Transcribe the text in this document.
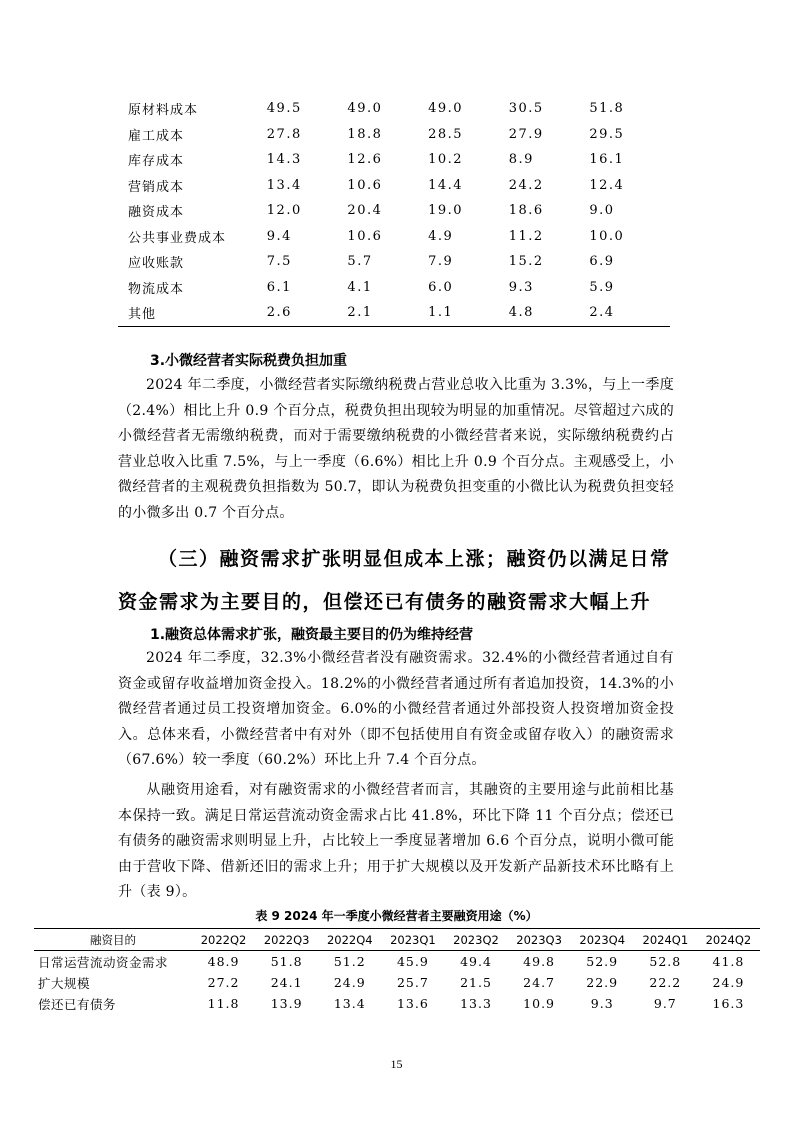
原材料成本	49.5	49.0	49.0	30.5	51.8
雇工成本	27.8	18.8	28.5	27.9	29.5
库存成本	14.3	12.6	10.2	8.9	16.1
营销成本	13.4	10.6	14.4	24.2	12.4
融资成本	12.0	20.4	19.0	18.6	9.0
公共事业费成本	9.4	10.6	4.9	11.2	10.0
应收账款	7.5	5.7	7.9	15.2	6.9
物流成本	6.1	4.1	6.0	9.3	5.9
其他	2.6	2.1	1.1	4.8	2.4
3.小微经营者实际税费负担加重
2024 年二季度，小微经营者实际缴纳税费占营业总收入比重为 3.3%，与上一季度（2.4%）相比上升 0.9 个百分点，税费负担出现较为明显的加重情况。尽管超过六成的小微经营者无需缴纳税费，而对于需要缴纳税费的小微经营者来说，实际缴纳税费约占营业总收入比重 7.5%，与上一季度（6.6%）相比上升 0.9 个百分点。主观感受上，小微经营者的主观税费负担指数为 50.7，即认为税费负担变重的小微比认为税费负担变轻的小微多出 0.7 个百分点。
（三）融资需求扩张明显但成本上涨；融资仍以满足日常资金需求为主要目的，但偿还已有债务的融资需求大幅上升
1.融资总体需求扩张，融资最主要目的仍为维持经营
2024 年二季度，32.3%小微经营者没有融资需求。32.4%的小微经营者通过自有资金或留存收益增加资金投入。18.2%的小微经营者通过所有者追加投资，14.3%的小微经营者通过员工投资增加资金。6.0%的小微经营者通过外部投资人投资增加资金投入。总体来看，小微经营者中有对外（即不包括使用自有资金或留存收入）的融资需求（67.6%）较一季度（60.2%）环比上升 7.4 个百分点。
从融资用途看，对有融资需求的小微经营者而言，其融资的主要用途与此前相比基本保持一致。满足日常运营流动资金需求占比 41.8%，环比下降 11 个百分点；偿还已有债务的融资需求则明显上升，占比较上一季度显著增加 6.6 个百分点，说明小微可能由于营收下降、借新还旧的需求上升；用于扩大规模以及开发新产品新技术环比略有上升（表 9）。
表 9 2024 年一季度小微经营者主要融资用途（%）
融资目的	2022Q2	2022Q3	2022Q4	2023Q1	2023Q2	2023Q3	2023Q4	2024Q1	2024Q2
日常运营流动资金需求	48.9	51.8	51.2	45.9	49.4	49.8	52.9	52.8	41.8
扩大规模	27.2	24.1	24.9	25.7	21.5	24.7	22.9	22.2	24.9
偿还已有债务	11.8	13.9	13.4	13.6	13.3	10.9	9.3	9.7	16.3
15
